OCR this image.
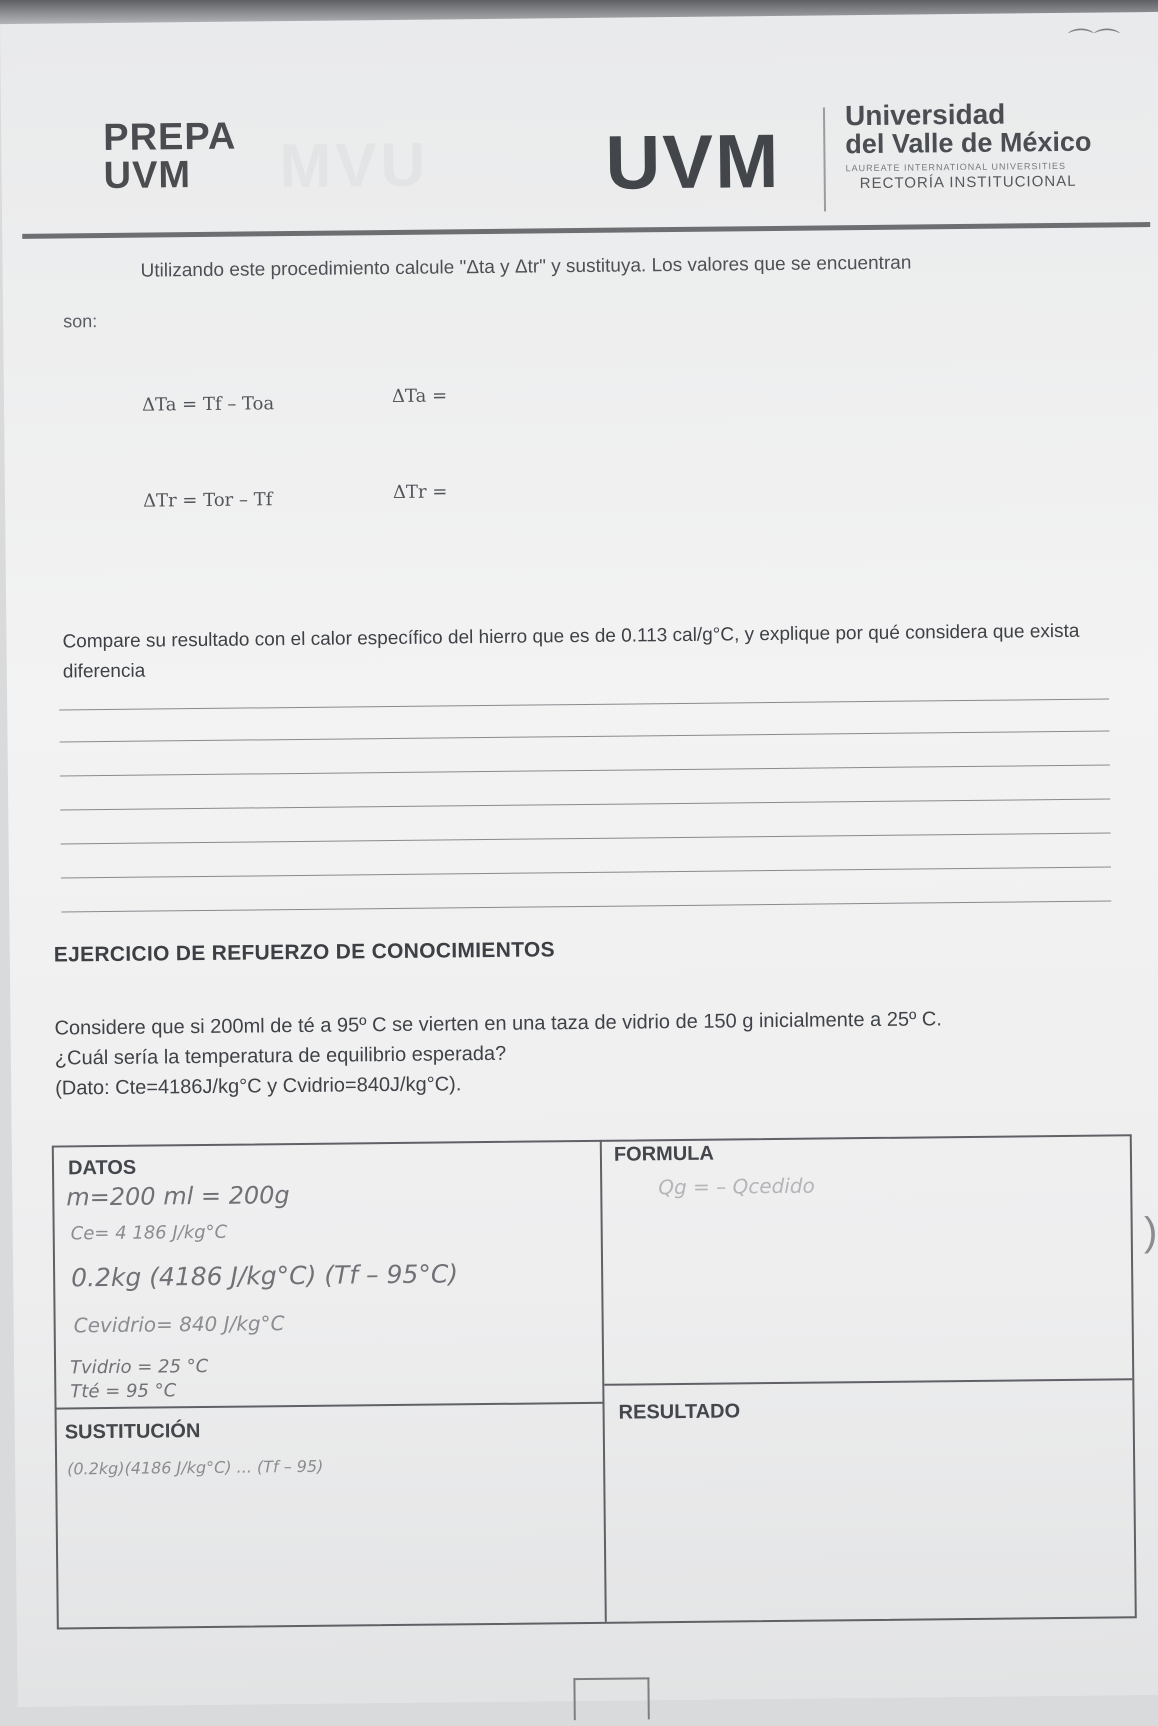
PREPA
UVM	MVU UVM
Universidad
del Valle de México
LAUREATE INTERNATIONAL UNIVERSITIES
RECTORÍA INSTITUCIONAL
Utilizando este procedimiento calcule "Δta y Δtr" y sustituya. Los valores que se encuentran
son:
ΔTa = Tf – Toa	ΔTa =
ΔTr = Tor – Tf	ΔTr =
Compare su resultado con el calor específico del hierro que es de 0.113 cal/g°C, y explique por qué considera que exista diferencia
EJERCICIO DE REFUERZO DE CONOCIMIENTOS
Considere que si 200ml de té a 95º C se vierten en una taza de vidrio de 150 g inicialmente a 25º C.
¿Cuál sería la temperatura de equilibrio esperada?
(Dato: Cte=4186J/kg°C y Cvidrio=840J/kg°C).
DATOS
FORMULA
SUSTITUCIÓN
RESULTADO
m=200 ml = 200g
Ce= 4 186 J/kg°C
0.2kg (4186 J/kg°C) (Tf – 95°C)
Cevidrio= 840 J/kg°C
Tvidrio = 25 °C
Tté = 95 °C
Qg = – Qcedido
(0.2kg)(4186 J/kg°C) ... (Tf – 95)
⌒⌒
)
